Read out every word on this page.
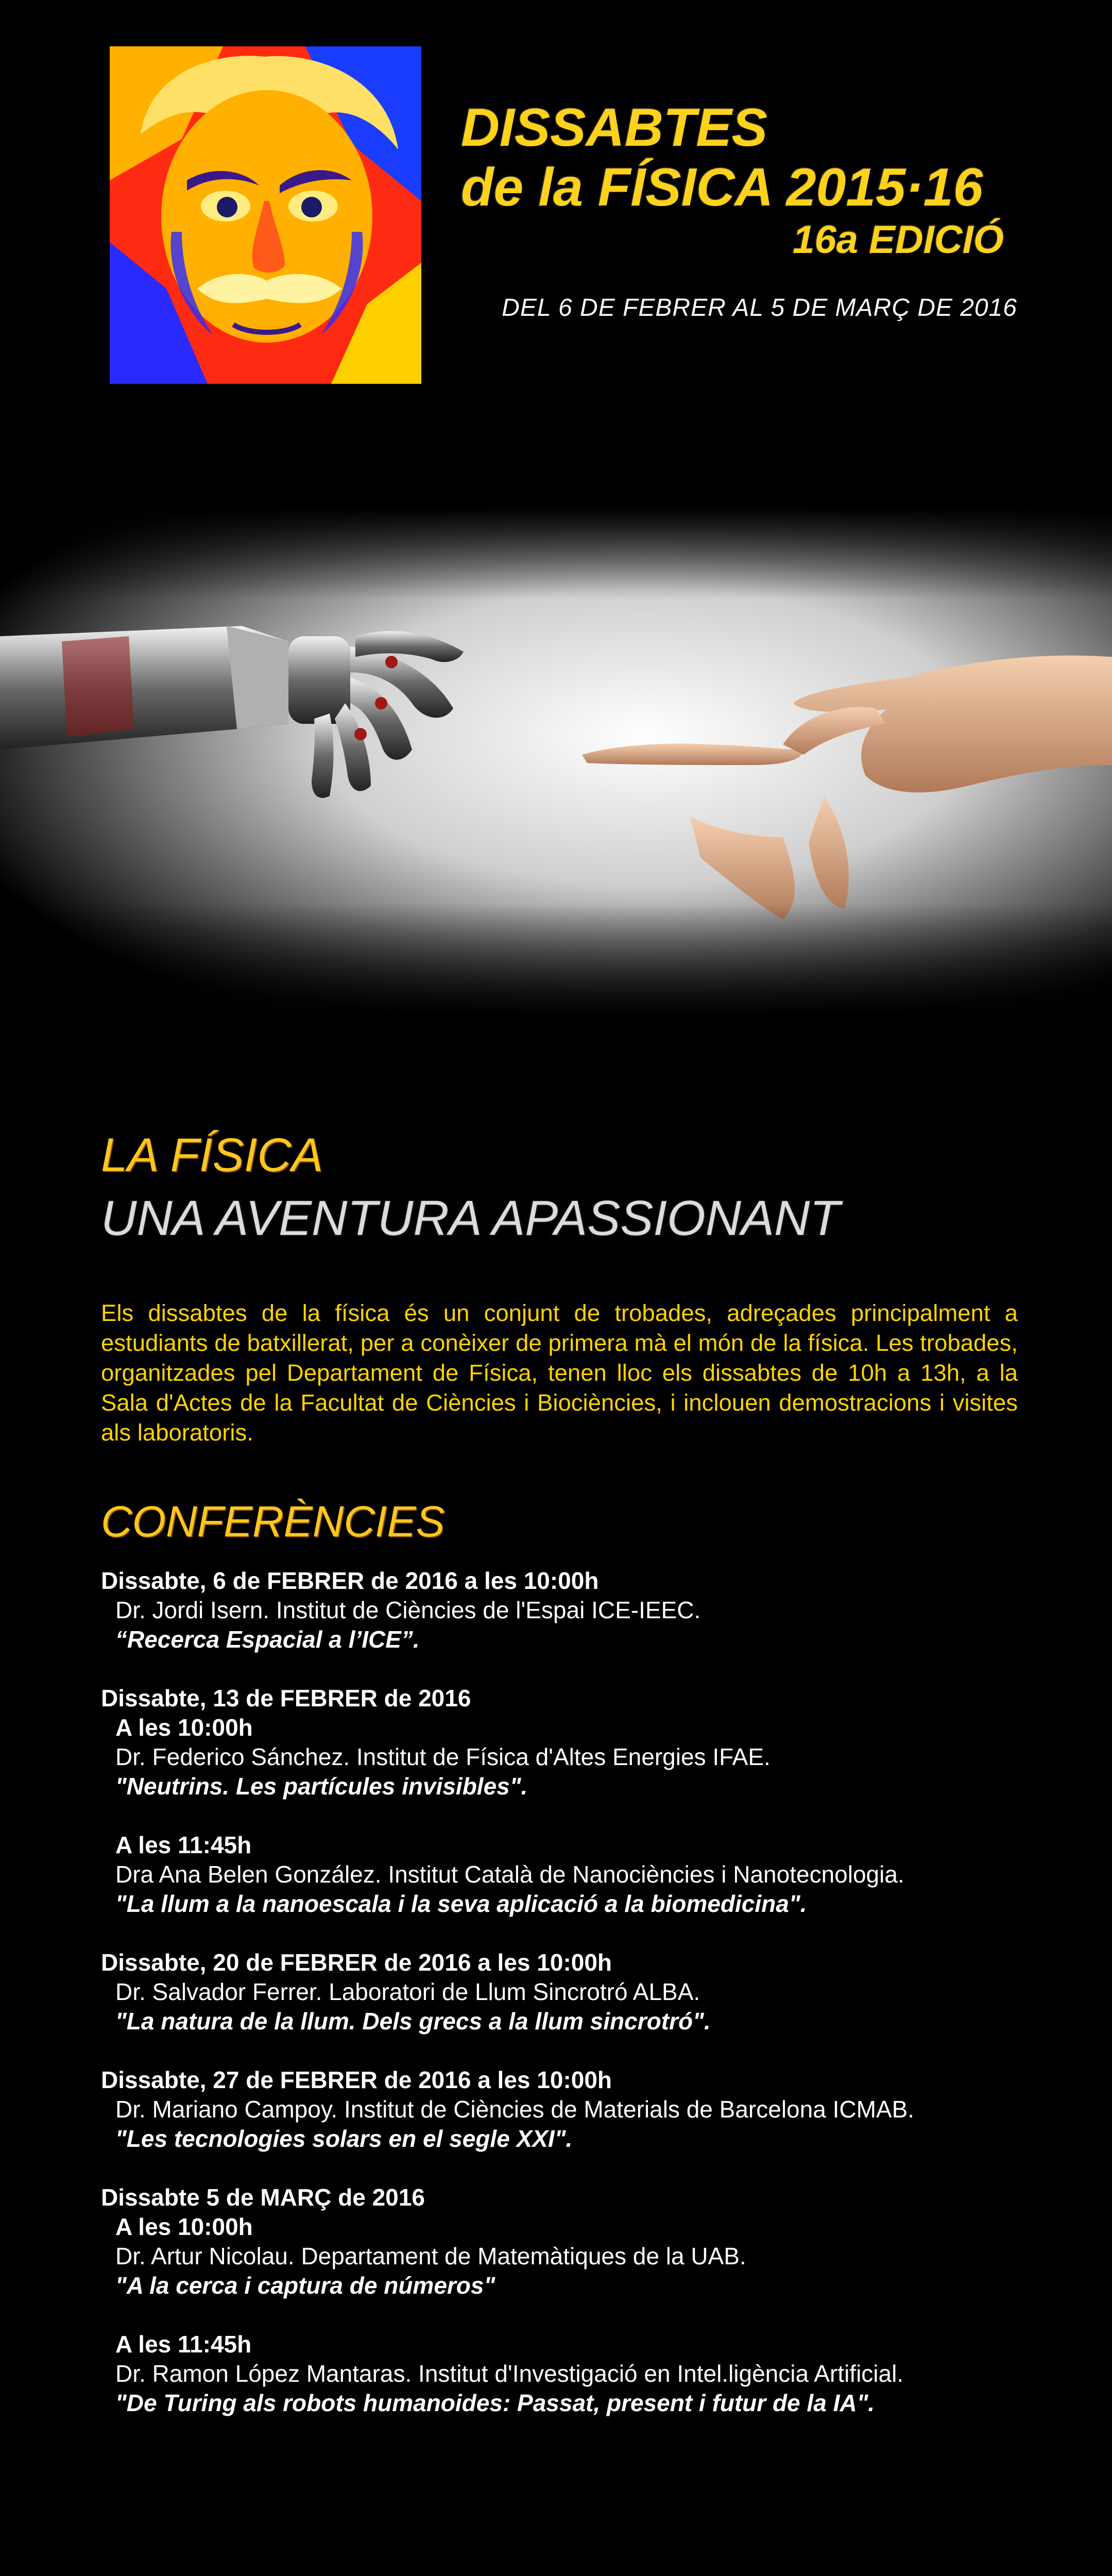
DISSABTES
de la FÍSICA 2015·16
16a EDICIÓ
DEL 6 DE FEBRER AL 5 DE MARÇ DE 2016
LA FÍSICA
UNA AVENTURA APASSIONANT
Els dissabtes de la física és un conjunt de trobades, adreçades principalment a estudiants de batxillerat, per a conèixer de primera mà el món de la física. Les trobades, organitzades pel Departament de Física, tenen lloc els dissabtes de 10h a 13h, a la Sala d'Actes de la Facultat de Ciències i Biociències, i inclouen demostracions i visites als laboratoris.
CONFERÈNCIES
Dissabte, 6 de FEBRER de 2016 a les 10:00h
Dr. Jordi Isern. Institut de Ciències de l'Espai ICE-IEEC.
“Recerca Espacial a l’ICE”.
Dissabte, 13 de FEBRER de 2016
A les 10:00h
Dr. Federico Sánchez. Institut de Física d'Altes Energies IFAE.
"Neutrins. Les partícules invisibles".
A les 11:45h
Dra Ana Belen González. Institut Català de Nanociències i Nanotecnologia.
"La llum a la nanoescala i la seva aplicació a la biomedicina".
Dissabte, 20 de FEBRER de 2016 a les 10:00h
Dr. Salvador Ferrer. Laboratori de Llum Sincrotró ALBA.
"La natura de la llum. Dels grecs a la llum sincrotró".
Dissabte, 27 de FEBRER de 2016 a les 10:00h
Dr. Mariano Campoy. Institut de Ciències de Materials de Barcelona ICMAB.
"Les tecnologies solars en el segle XXI".
Dissabte 5 de MARÇ de 2016
A les 10:00h
Dr. Artur Nicolau. Departament de Matemàtiques de la UAB.
"A la cerca i captura de números"
A les 11:45h
Dr. Ramon López Mantaras. Institut d'Investigació en Intel.ligència Artificial.
"De Turing als robots humanoides: Passat, present i futur de la IA".
